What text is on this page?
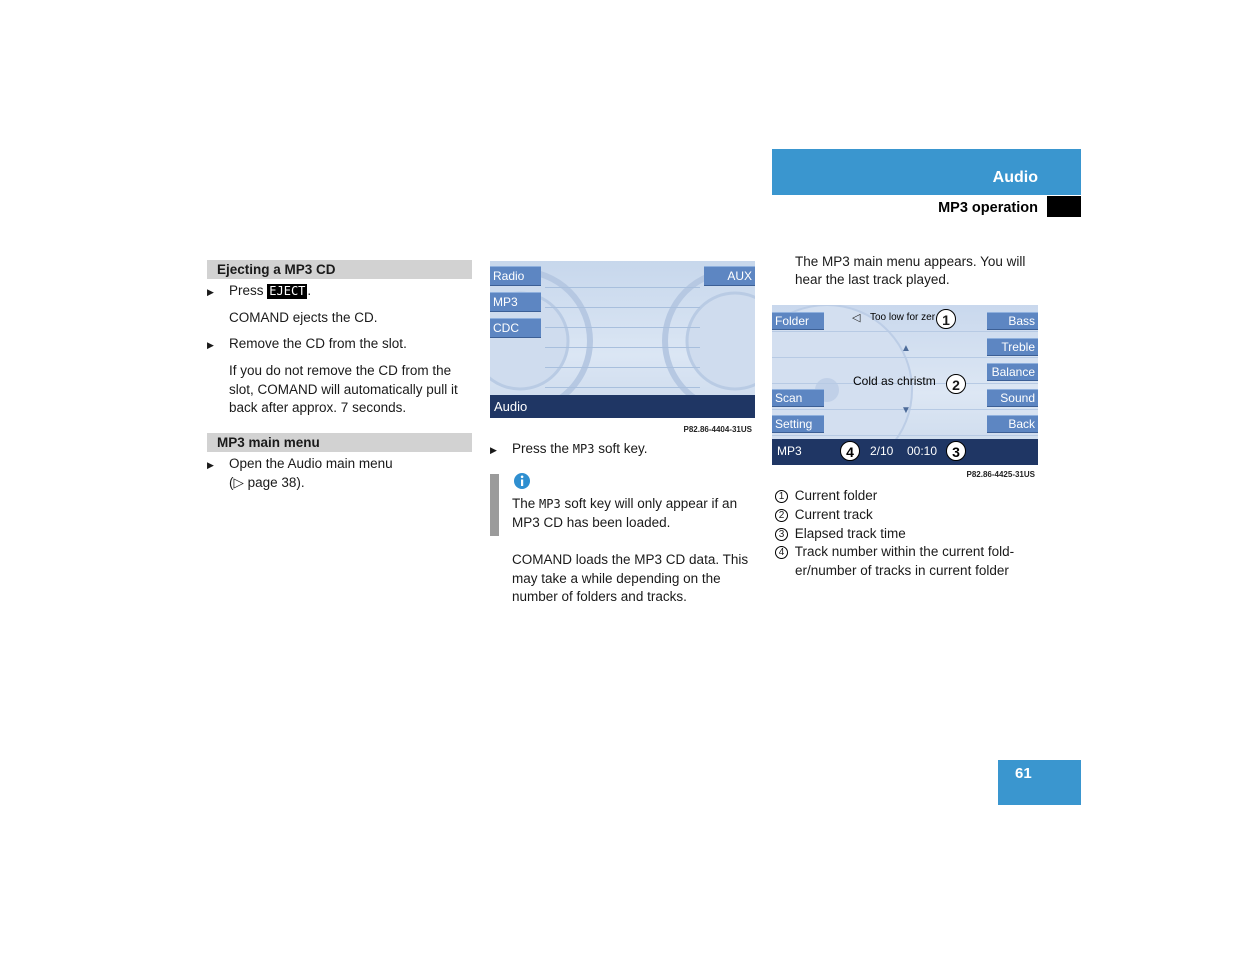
Audio
MP3 operation
Ejecting a MP3 CD
▶ Press EJECT .
COMAND ejects the CD.
▶ Remove the CD from the slot.
If you do not remove the CD from the
slot, COMAND will automatically pull it
back after approx. 7 seconds.
MP3 main menu
▶ Open the Audio main menu
(▷ page 38).
Radio
MP3
CDC
AUX
Audio
P82.86-4404-31US
▶ Press the MP3 soft key.
The MP3 soft key will only appear if an
MP3 CD has been loaded.
COMAND loads the MP3 CD data. This
may take a while depending on the
number of folders and tracks.
The MP3 main menu appears. You will
hear the last track played.
Folder
Scan
Setting
Bass
Treble
Balance
Sound
Back
◁ Too low for zer 1
▲
Cold as christm	2
▼
MP3	4	2/10 00:10	3
P82.86-4425-31US
1 Current folder
2 Current track
3 Elapsed track time
4 Track number within the current fold-
er/number of tracks in current folder
61
